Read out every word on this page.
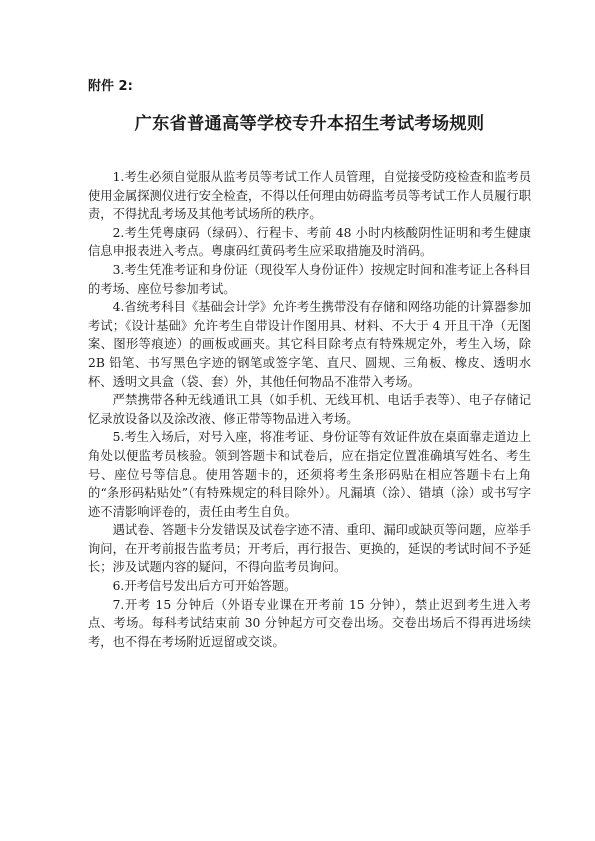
附件 2:
广东省普通高等学校专升本招生考试考场规则

1.考生必须自觉服从监考员等考试工作人员管理，自觉接受防疫检查和监考员使用金属探测仪进行安全检查，不得以任何理由妨碍监考员等考试工作人员履行职责，不得扰乱考场及其他考试场所的秩序。

2.考生凭粤康码（绿码）、行程卡、考前 48 小时内核酸阴性证明和考生健康信息申报表进入考点。粤康码红黄码考生应采取措施及时消码。

3.考生凭准考证和身份证（现役军人身份证件）按规定时间和准考证上各科目的考场、座位号参加考试。

4.省统考科目《基础会计学》允许考生携带没有存储和网络功能的计算器参加考试；《设计基础》允许考生自带设计作图用具、材料、不大于 4 开且干净（无图案、图形等痕迹）的画板或画夹。其它科目除考点有特殊规定外，考生入场，除 2B 铅笔、书写黑色字迹的钢笔或签字笔、直尺、圆规、三角板、橡皮、透明水杯、透明文具盒（袋、套）外，其他任何物品不准带入考场。

严禁携带各种无线通讯工具（如手机、无线耳机、电话手表等）、电子存储记忆录放设备以及涂改液、修正带等物品进入考场。

5.考生入场后，对号入座，将准考证、身份证等有效证件放在桌面靠走道边上角处以便监考员核验。领到答题卡和试卷后，应在指定位置准确填写姓名、考生号、座位号等信息。使用答题卡的，还须将考生条形码贴在相应答题卡右上角的“条形码粘贴处”（有特殊规定的科目除外）。凡漏填（涂）、错填（涂）或书写字迹不清影响评卷的，责任由考生自负。

遇试卷、答题卡分发错误及试卷字迹不清、重印、漏印或缺页等问题，应举手询问，在开考前报告监考员；开考后，再行报告、更换的，延误的考试时间不予延长；涉及试题内容的疑问，不得向监考员询问。

6.开考信号发出后方可开始答题。

7.开考 15 分钟后（外语专业课在开考前 15 分钟），禁止迟到考生进入考点、考场。每科考试结束前 30 分钟起方可交卷出场。交卷出场后不得再进场续考，也不得在考场附近逗留或交谈。
